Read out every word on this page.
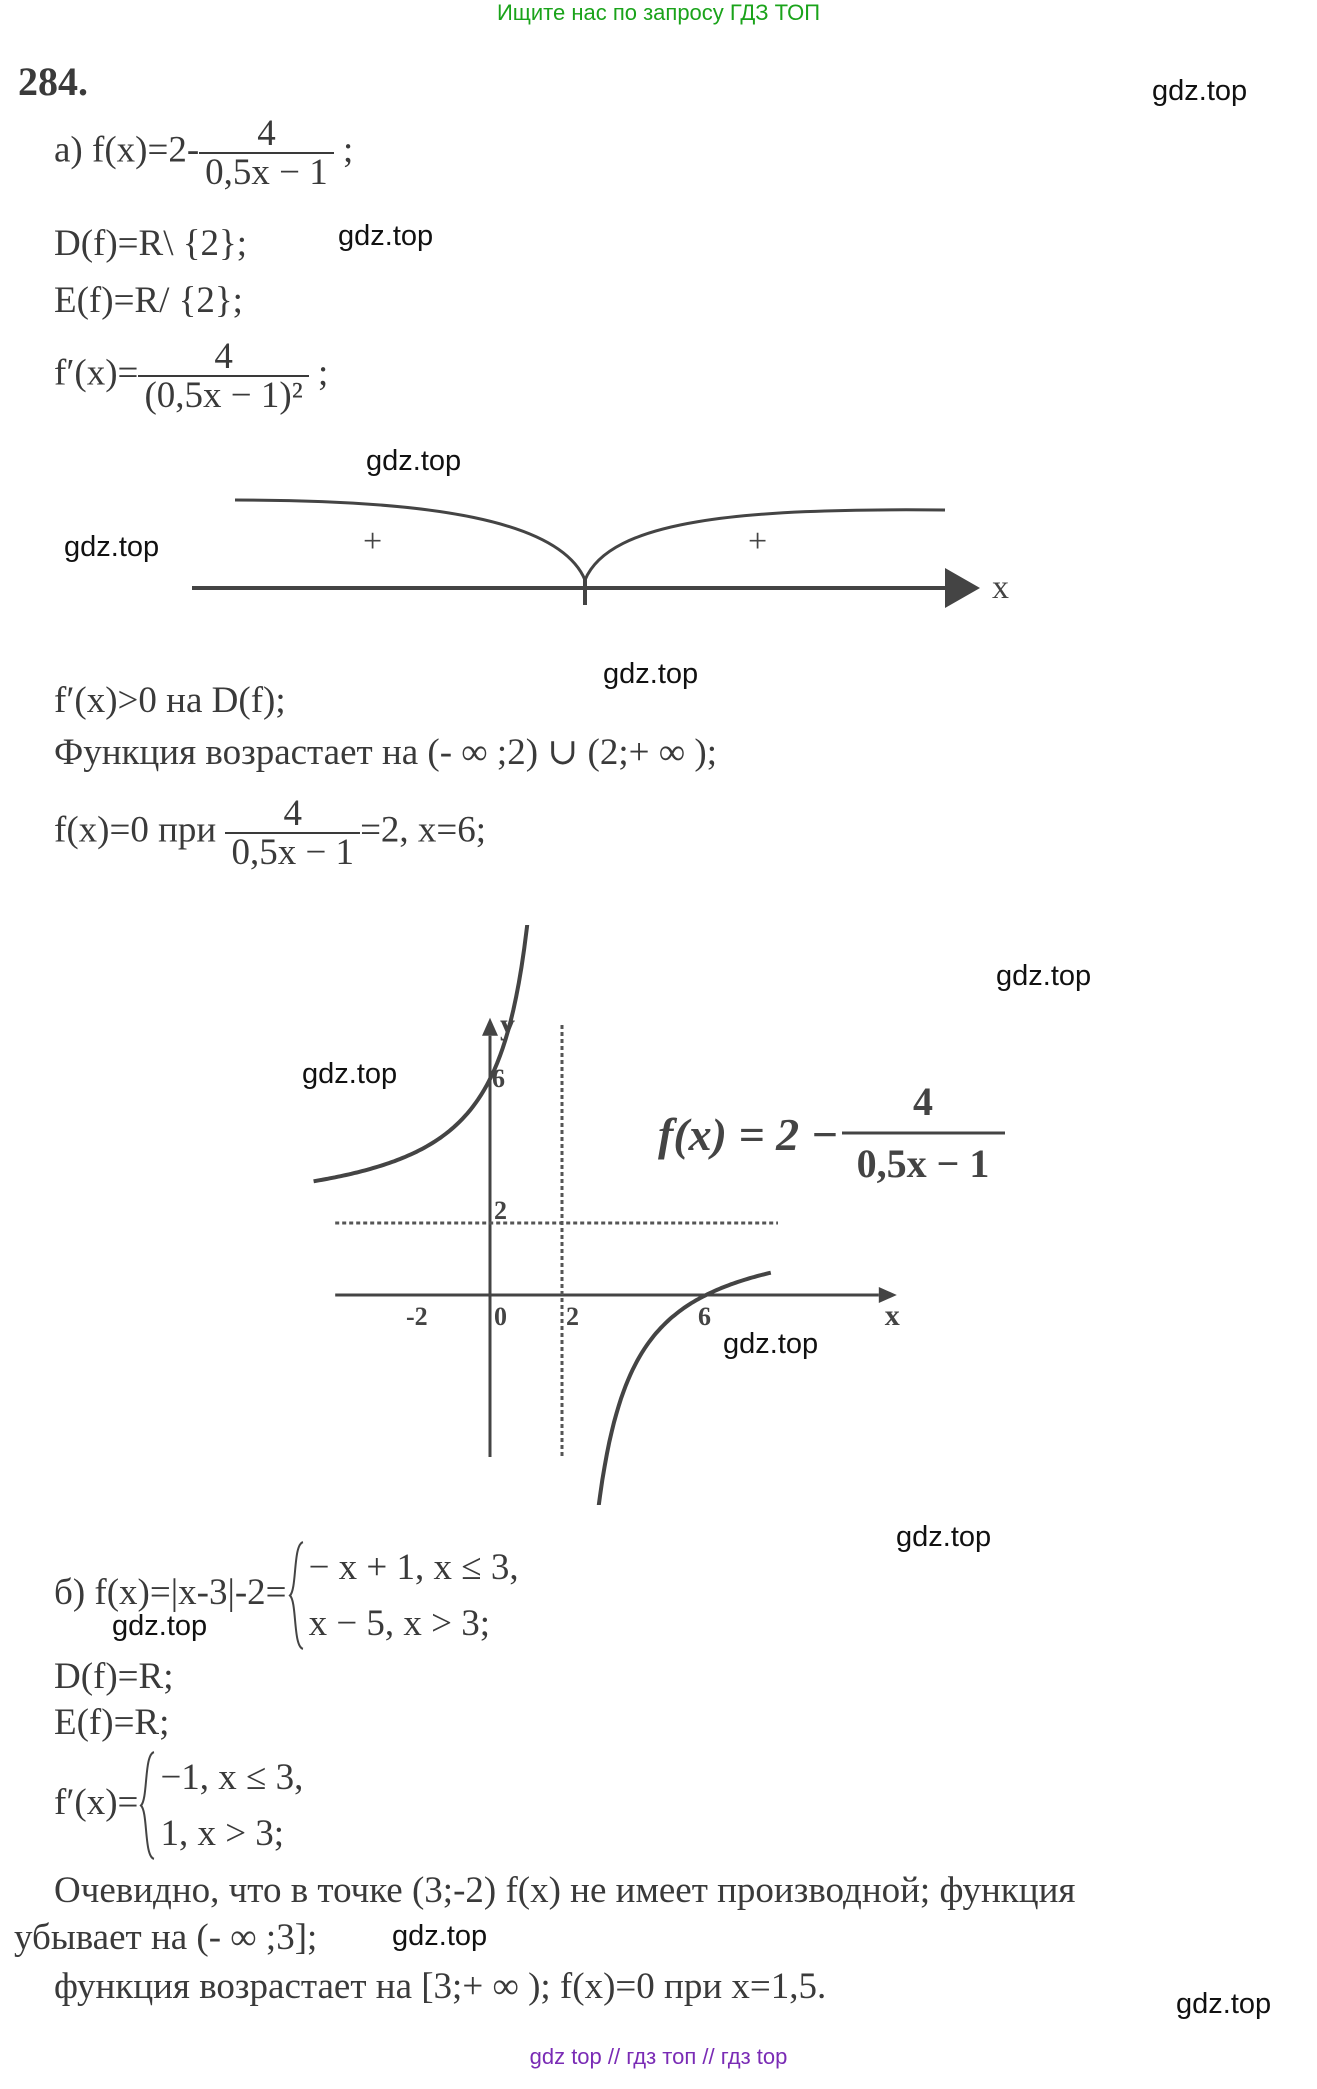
Ищите нас по запросу ГДЗ ТОП
gdz top // гдз топ // гдз top
gdz.top
gdz.top
gdz.top
gdz.top
gdz.top
gdz.top
gdz.top
gdz.top
gdz.top
gdz.top
gdz.top
gdz.top
284.
а) $f(x)=2- \frac{4}{0,5x - 1}$ ;
D(f)=R\ {2};
E(f)=R/ {2};
$f'(x)= \frac{4}{\text{(0,5x − 1)²}}$ ;
+	+
x
f′(x)>0 на D(f);
Функция возрастает на (- ∞ ;2) ∪ (2;+ ∞ );
f(x)=0 при $\frac{4}{0,5x - 1} =2$, x=6;
y
x
-2	0 2	6
6
2
f(x) = 2 −
4
0,5x − 1
б) f(x)=|x-3|-2=
− x + 1, x ≤ 3,
x − 5, x > 3;
D(f)=R;
E(f)=R;
f′(x)=
−1, x ≤ 3,
1, x > 3;
Очевидно, что в точке (3;-2) f(x) не имеет производной; функция
убывает на (- ∞ ;3];
функция возрастает на [3;+ ∞ ); f(x)=0 при x=1,5.
